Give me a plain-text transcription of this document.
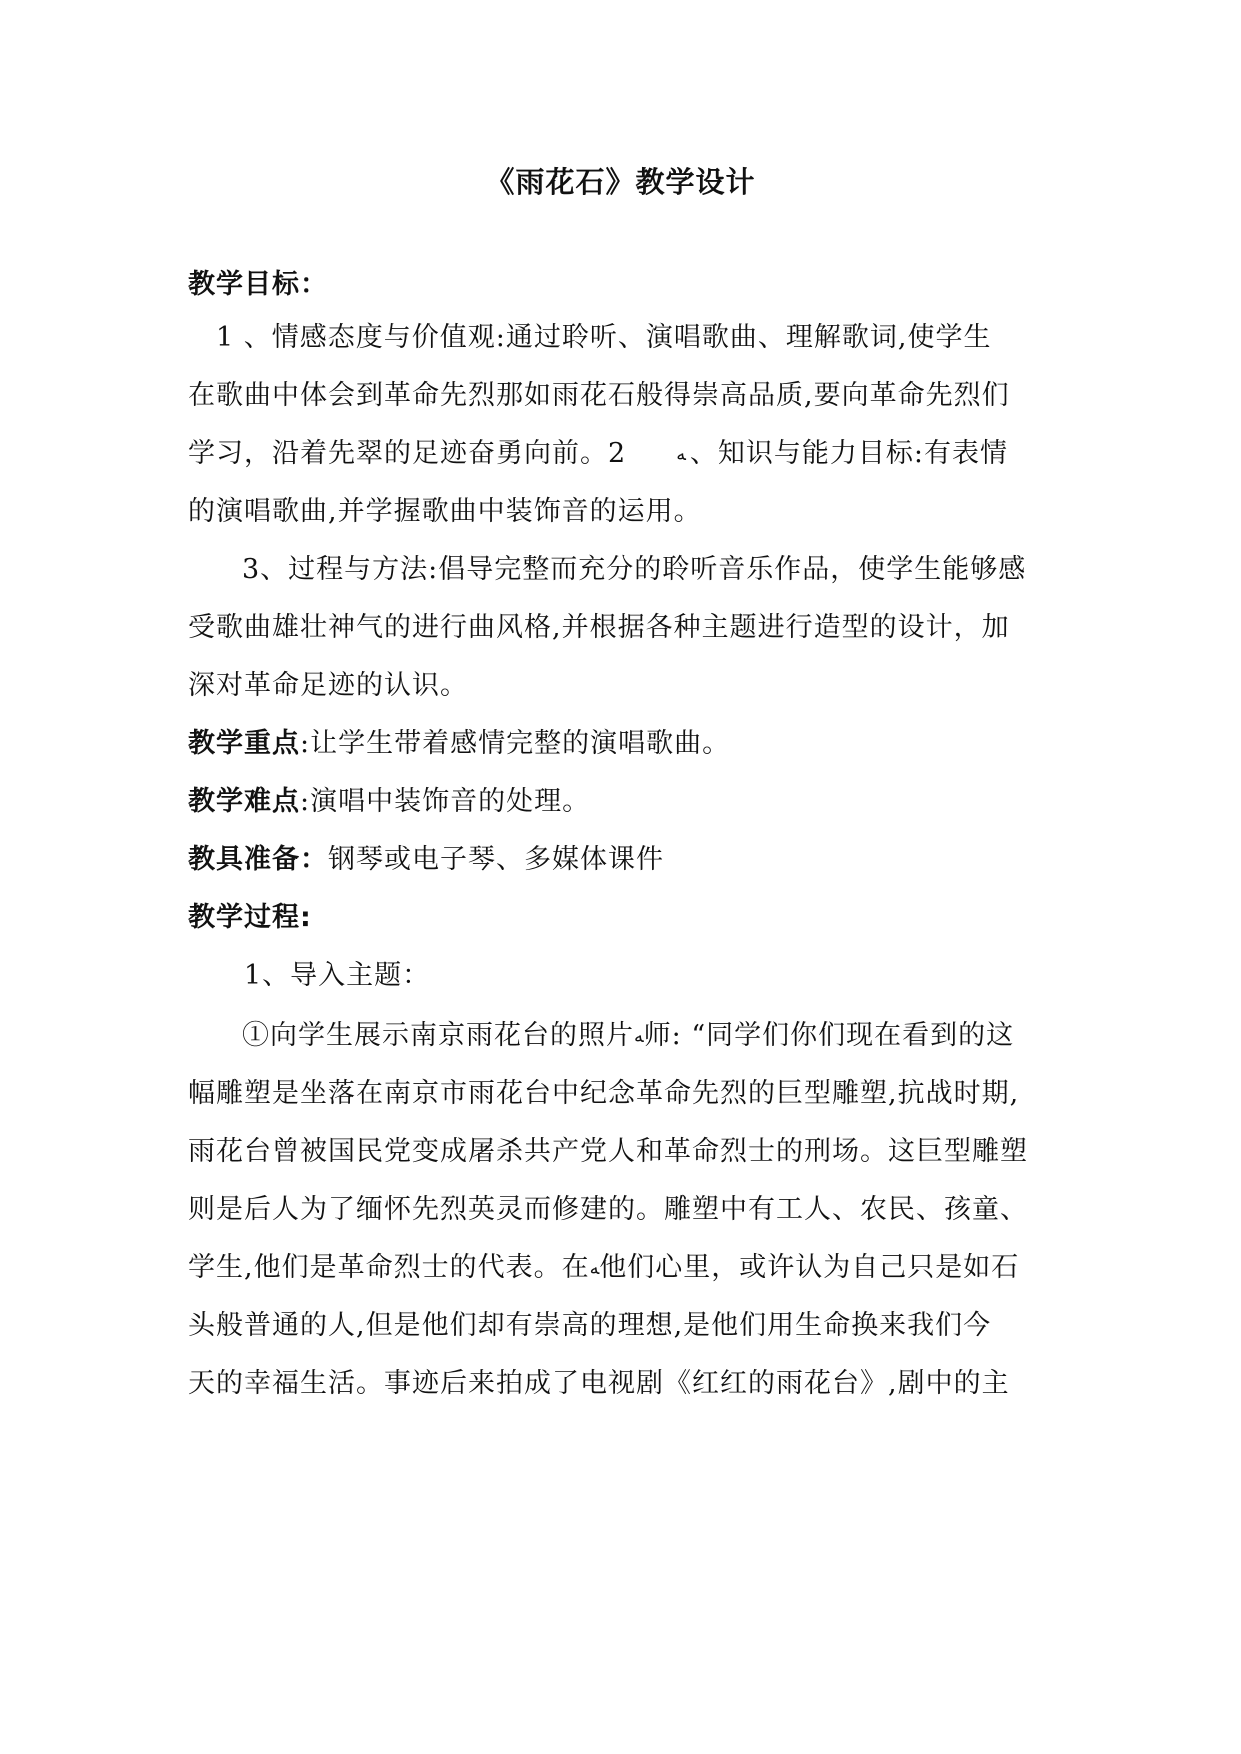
《雨花石》教学设计
教学目标：
1 、情感态度与价值观:通过聆听、演唱歌曲、理解歌词,使学生
在歌曲中体会到革命先烈那如雨花石般得崇高品质,要向革命先烈们
学习，沿着先翠的足迹奋勇向前。2	ﻪ 、知识与能力目标:有表情
的演唱歌曲,并学握歌曲中装饰音的运用。
3、过程与方法:倡导完整而充分的聆听音乐作品，使学生能够感
受歌曲雄壮神气的进行曲风格,并根据各种主题进行造型的设计，加
深对革命足迹的认识。
教学重点:让学生带着感情完整的演唱歌曲。
教学难点:演唱中装饰音的处理。
教具准备：钢琴或电子琴、多媒体课件
教学过程:
1、导入主题：
①向学生展示南京雨花台的照片ﻪ师: “同学们你们现在看到的这
幅雕塑是坐落在南京市雨花台中纪念革命先烈的巨型雕塑,抗战时期,
雨花台曾被国民党变成屠杀共产党人和革命烈士的刑场。这巨型雕塑
则是后人为了缅怀先烈英灵而修建的。雕塑中有工人、农民、孩童、
学生,他们是革命烈士的代表。在ﻪ他们心里，或许认为自己只是如石
头般普通的人,但是他们却有崇高的理想,是他们用生命换来我们今
天的幸福生活。事迹后来拍成了电视剧《红红的雨花台》,剧中的主
